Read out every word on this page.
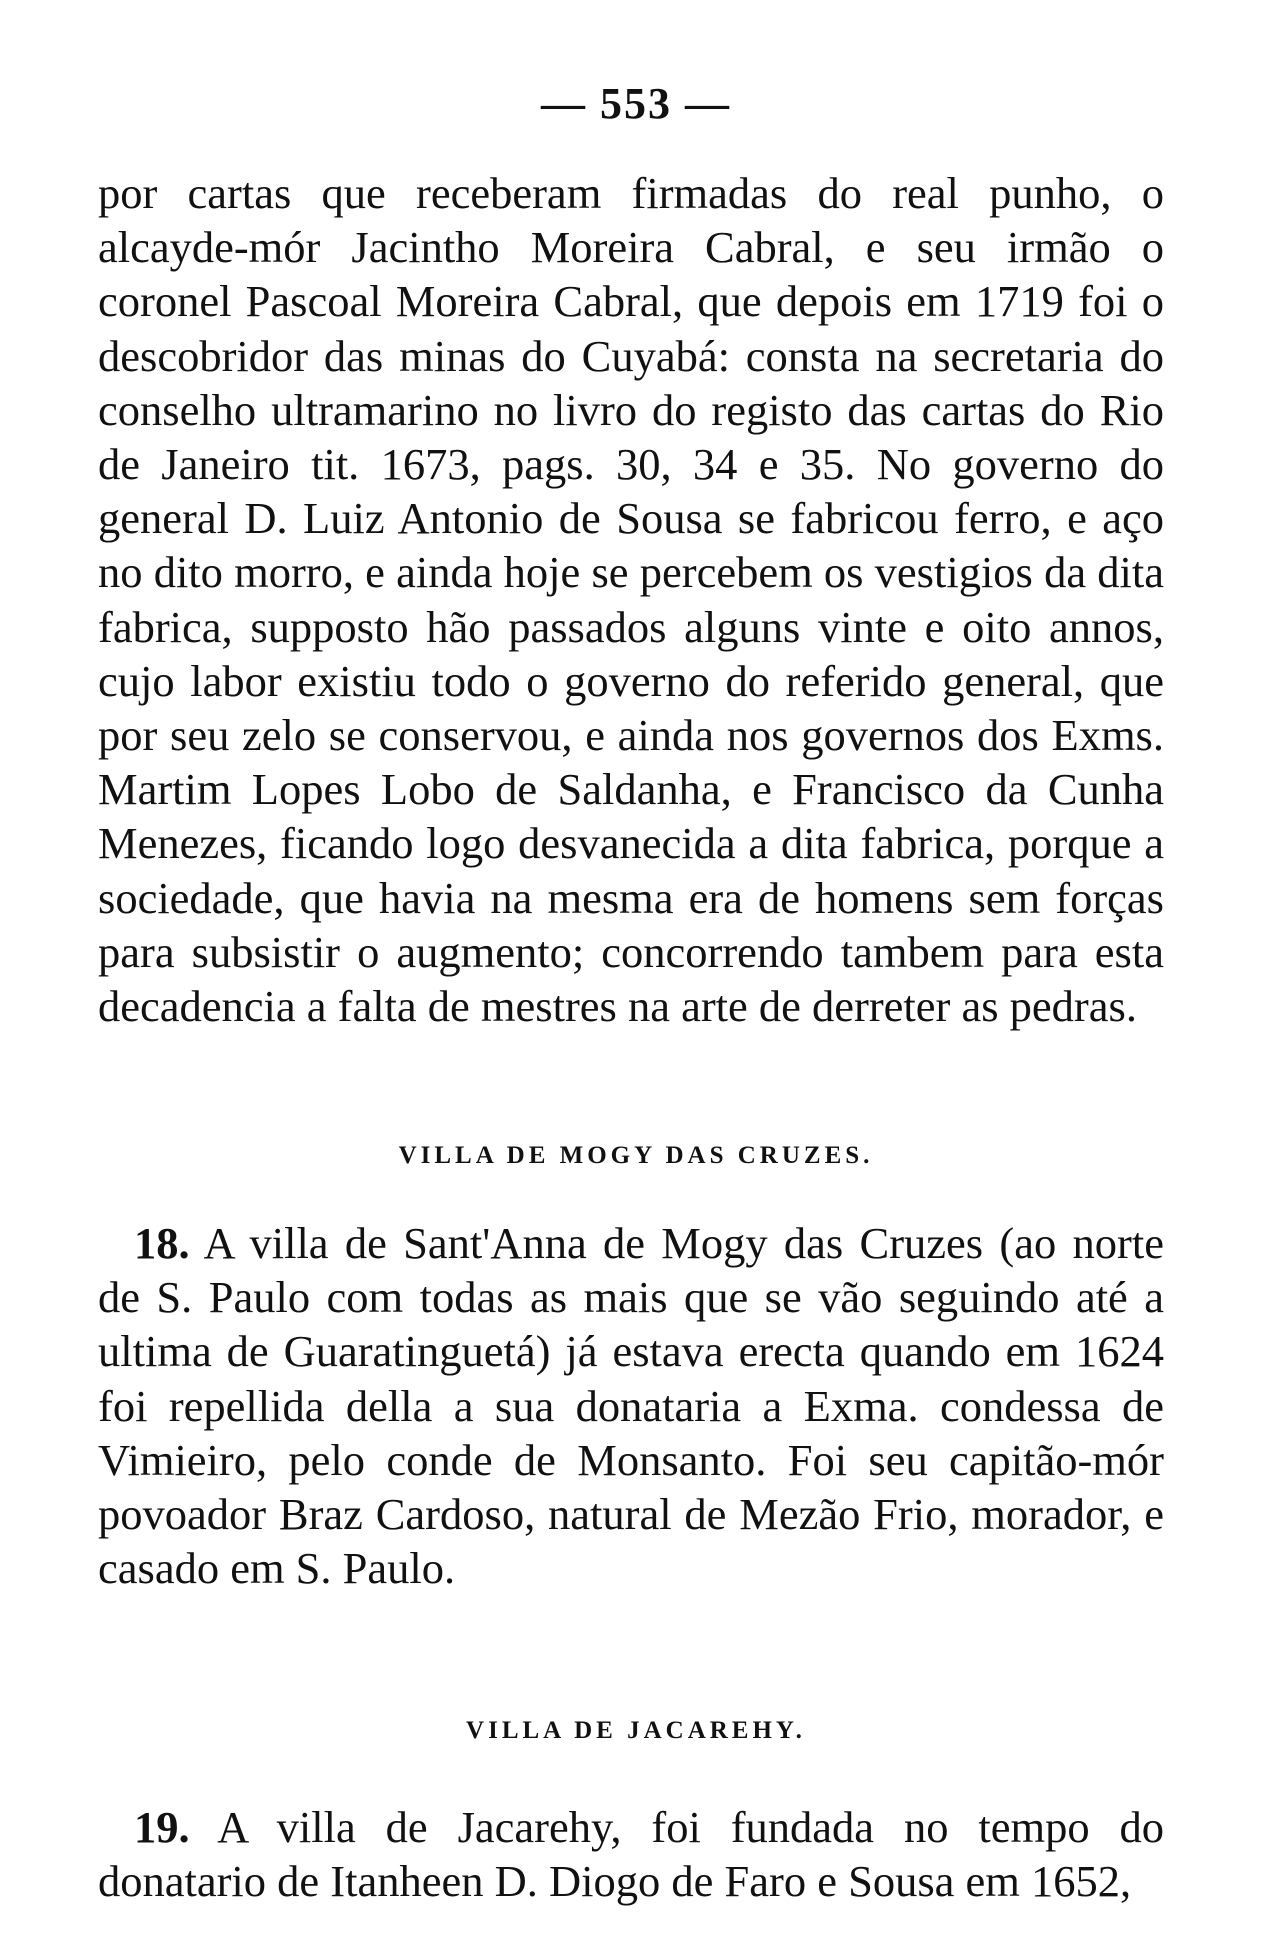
— 553 —

por cartas que receberam firmadas do real punho, o alcayde-mór Jacintho Moreira Cabral, e seu irmão o coronel Pascoal Moreira Cabral, que depois em 1719 foi o descobridor das minas do Cuyabá: consta na secretaria do conselho ultramarino no livro do registo das cartas do Rio de Janeiro tit. 1673, pags. 30, 34 e 35. No governo do general D. Luiz Antonio de Sousa se fabricou ferro, e aço no dito morro, e ainda hoje se percebem os vestigios da dita fabrica, supposto hão passados alguns vinte e oito annos, cujo labor existiu todo o governo do referido general, que por seu zelo se conservou, e ainda nos governos dos Exms. Martim Lopes Lobo de Saldanha, e Francisco da Cunha Menezes, ficando logo desvanecida a dita fabrica, porque a sociedade, que havia na mesma era de homens sem forças para subsistir o augmento; concorrendo tambem para esta decadencia a falta de mestres na arte de derreter as pedras.

VILLA DE MOGY DAS CRUZES.

18. A villa de Sant'Anna de Mogy das Cruzes (ao norte de S. Paulo com todas as mais que se vão seguindo até a ultima de Guaratinguetá) já estava erecta quando em 1624 foi repellida della a sua donataria a Exma. condessa de Vimieiro, pelo conde de Monsanto. Foi seu capitão-mór povoador Braz Cardoso, natural de Mezão Frio, morador, e casado em S. Paulo.

VILLA DE JACAREHY.

19. A villa de Jacarehy, foi fundada no tempo do donatario de Itanheen D. Diogo de Faro e Sousa em 1652,
